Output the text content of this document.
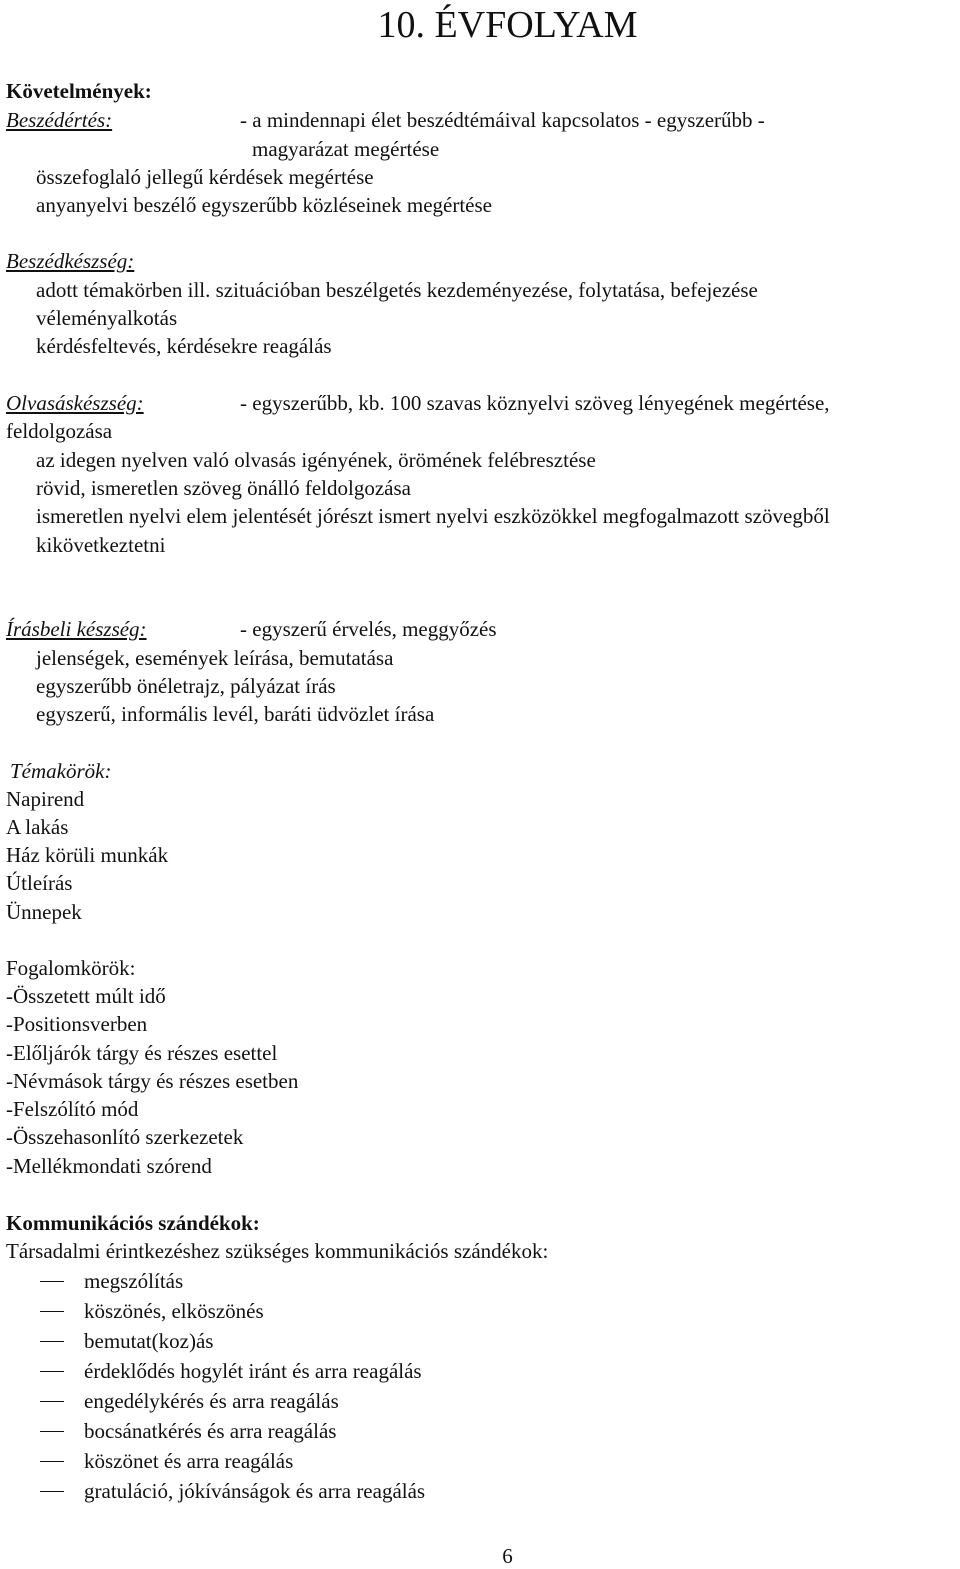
10. ÉVFOLYAM
Követelmények:
Beszédértés:	- a mindennapi élet beszédtémáival kapcsolatos - egyszerűbb -
magyarázat megértése
összefoglaló jellegű kérdések megértése
anyanyelvi beszélő egyszerűbb közléseinek megértése
Beszédkészség:
adott témakörben ill. szituációban beszélgetés kezdeményezése, folytatása, befejezése
véleményalkotás
kérdésfeltevés, kérdésekre reagálás
Olvasáskészség:	- egyszerűbb, kb. 100 szavas köznyelvi szöveg lényegének megértése,
feldolgozása
az idegen nyelven való olvasás igényének, örömének felébresztése
rövid, ismeretlen szöveg önálló feldolgozása
ismeretlen nyelvi elem jelentését jórészt ismert nyelvi eszközökkel megfogalmazott szövegből
kikövetkeztetni
Írásbeli készség:	- egyszerű érvelés, meggyőzés
jelenségek, események leírása, bemutatása
egyszerűbb önéletrajz, pályázat írás
egyszerű, informális levél, baráti üdvözlet írása
Témakörök:
Napirend
A lakás
Ház körüli munkák
Útleírás
Ünnepek
Fogalomkörök:
-Összetett múlt idő
-Positionsverben
-Előljárók tárgy és részes esettel
-Névmások tárgy és részes esetben
-Felszólító mód
-Összehasonlító szerkezetek
-Mellékmondati szórend
Kommunikációs szándékok:
Társadalmi érintkezéshez szükséges kommunikációs szándékok:
megszólítás
köszönés, elköszönés
bemutat(koz)ás
érdeklődés hogylét iránt és arra reagálás
engedélykérés és arra reagálás
bocsánatkérés és arra reagálás
köszönet és arra reagálás
gratuláció, jókívánságok és arra reagálás
6
